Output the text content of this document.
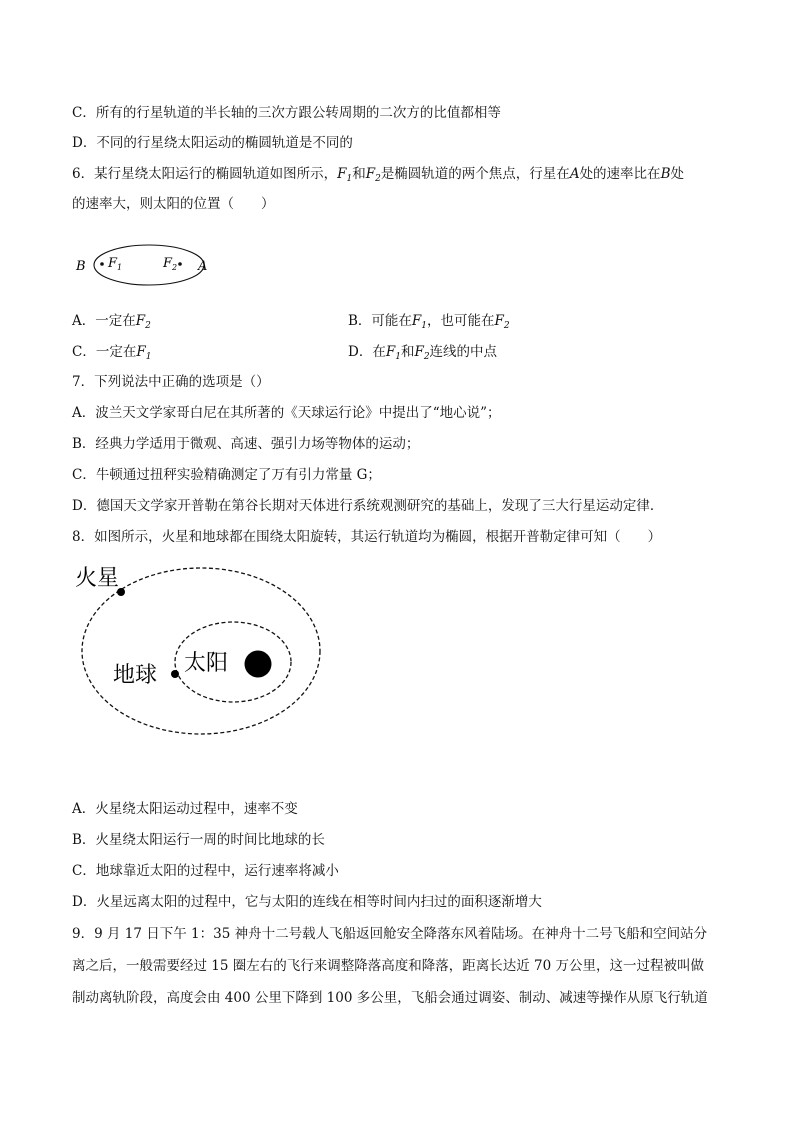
C．所有的行星轨道的半长轴的三次方跟公转周期的二次方的比值都相等
D．不同的行星绕太阳运动的椭圆轨道是不同的
6．某行星绕太阳运行的椭圆轨道如图所示，$F_1$和$F_2$是椭圆轨道的两个焦点，行星在A处的速率比在B处
的速率大，则太阳的位置（　　）
B $F_1$	$F_2$ A
A．一定在$F_2$	B．可能在$F_1$，也可能在$F_2$
C．一定在$F_1$	D．在$F_1$和$F_2$连线的中点
7．下列说法中正确的选项是（）
A．波兰天文学家哥白尼在其所著的《天球运行论》中提出了“地心说”；
B．经典力学适用于微观、高速、强引力场等物体的运动；
C．牛顿通过扭秤实验精确测定了万有引力常量 G；
D．德国天文学家开普勒在第谷长期对天体进行系统观测研究的基础上，发现了三大行星运动定律．
8．如图所示，火星和地球都在围绕太阳旋转，其运行轨道均为椭圆，根据开普勒定律可知（　　）
火星
地球 太阳
A．火星绕太阳运动过程中，速率不变
B．火星绕太阳运行一周的时间比地球的长
C．地球靠近太阳的过程中，运行速率将减小
D．火星远离太阳的过程中，它与太阳的连线在相等时间内扫过的面积逐渐增大
9．9 月 17 日下午 1：35 神舟十二号载人飞船返回舱安全降落东风着陆场。在神舟十二号飞船和空间站分
离之后，一般需要经过 15 圈左右的飞行来调整降落高度和降落，距离长达近 70 万公里，这一过程被叫做
制动离轨阶段，高度会由 400 公里下降到 100 多公里，飞船会通过调姿、制动、减速等操作从原飞行轨道
